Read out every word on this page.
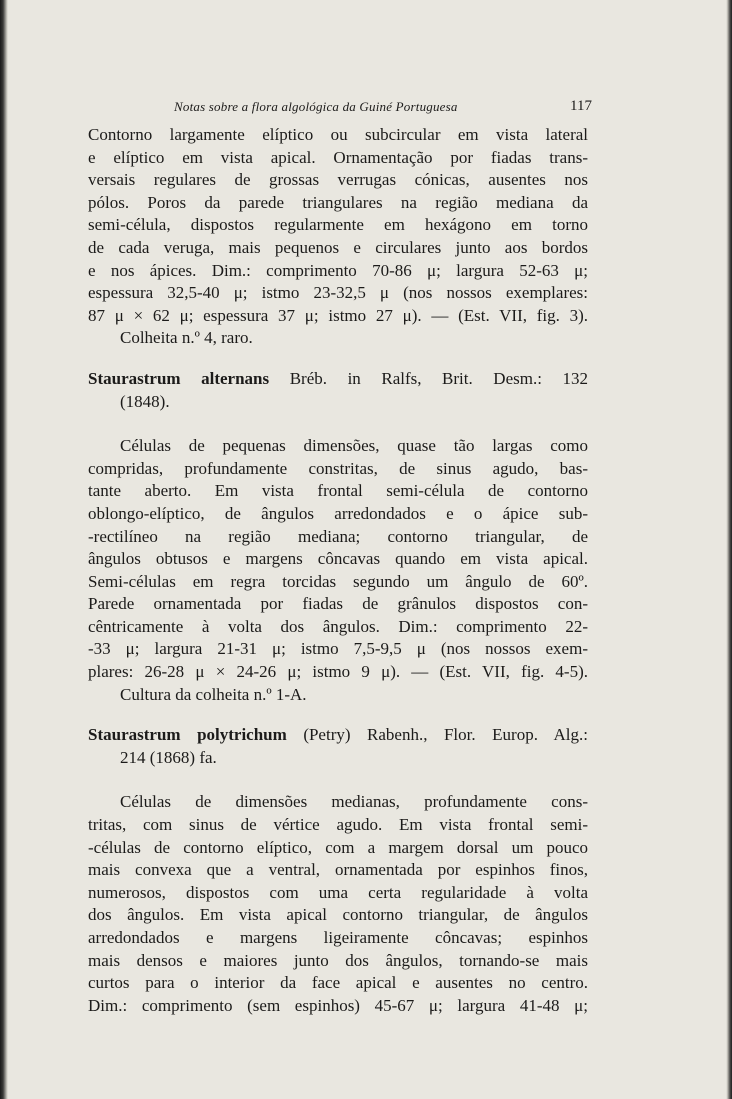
Notas sobre a flora algológica da Guiné Portuguesa	117
Contorno largamente elíptico ou subcircular em vista lateral
e elíptico em vista apical. Ornamentação por fiadas trans-
versais regulares de grossas verrugas cónicas, ausentes nos
pólos. Poros da parede triangulares na região mediana da
semi-célula, dispostos regularmente em hexágono em torno
de cada veruga, mais pequenos e circulares junto aos bordos
e nos ápices. Dim.: comprimento 70-86 μ; largura 52-63 μ;
espessura 32,5-40 μ; istmo 23-32,5 μ (nos nossos exemplares:
87 μ × 62 μ; espessura 37 μ; istmo 27 μ). — (Est. VII, fig. 3).
Colheita n.º 4, raro.
Staurastrum alternans Bréb. in Ralfs, Brit. Desm.: 132
(1848).
Células de pequenas dimensões, quase tão largas como
compridas, profundamente constritas, de sinus agudo, bas-
tante aberto. Em vista frontal semi-célula de contorno
oblongo-elíptico, de ângulos arredondados e o ápice sub-
-rectilíneo na região mediana; contorno triangular, de
ângulos obtusos e margens côncavas quando em vista apical.
Semi-células em regra torcidas segundo um ângulo de 60º.
Parede ornamentada por fiadas de grânulos dispostos con-
cêntricamente à volta dos ângulos. Dim.: comprimento 22-
-33 μ; largura 21-31 μ; istmo 7,5-9,5 μ (nos nossos exem-
plares: 26-28 μ × 24-26 μ; istmo 9 μ). — (Est. VII, fig. 4-5).
Cultura da colheita n.º 1-A.
Staurastrum polytrichum (Petry) Rabenh., Flor. Europ. Alg.:
214 (1868) fa.
Células de dimensões medianas, profundamente cons-
tritas, com sinus de vértice agudo. Em vista frontal semi-
-células de contorno elíptico, com a margem dorsal um pouco
mais convexa que a ventral, ornamentada por espinhos finos,
numerosos, dispostos com uma certa regularidade à volta
dos ângulos. Em vista apical contorno triangular, de ângulos
arredondados e margens ligeiramente côncavas; espinhos
mais densos e maiores junto dos ângulos, tornando-se mais
curtos para o interior da face apical e ausentes no centro.
Dim.: comprimento (sem espinhos) 45-67 μ; largura 41-48 μ;
